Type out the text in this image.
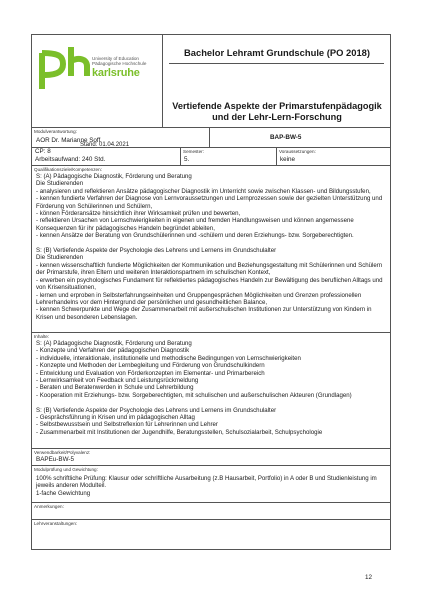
University of Education
Pädagogische Hochschule
karlsruhe
Stand: 01.04.2021
Bachelor Lehramt Grundschule (PO 2018)
Vertiefende Aspekte der Primarstufenpädagogik und der Lehr-Lern-Forschung
Modulverantwortung:
AOR Dr. Marianne Soff	BAP-BW-5
CP: 8
Arbeitsaufwand: 240 Std.
Semester:
5.
Voraussetzungen:
keine
Qualifikationsziele/Kompetenzen:
S: (A) Pädagogische Diagnostik, Förderung und Beratung
Die Studierenden
- analysieren und reflektieren Ansätze pädagogischer Diagnostik im Unterricht sowie zwischen Klassen- und Bildungsstufen,
- kennen fundierte Verfahren der Diagnose von Lernvoraussetzungen und Lernprozessen sowie der gezielten Unterstützung und Förderung von Schülerinnen und Schülern,
- können Förderansätze hinsichtlich ihrer Wirksamkeit prüfen und bewerten,
- reflektieren Ursachen von Lernschwierigkeiten in eigenen und fremden Handlungsweisen und können angemessene Konsequenzen für ihr pädagogisches Handeln begründet ableiten,
- kennen Ansätze der Beratung von Grundschülerinnen und -schülern und deren Erziehungs- bzw. Sorgeberechtigten.

S: (B) Vertiefende Aspekte der Psychologie des Lehrens und Lernens im Grundschulalter
Die Studierenden
- kennen wissenschaftlich fundierte Möglichkeiten der Kommunikation und Beziehungsgestaltung mit Schülerinnen und Schülern der Primarstufe, ihren Eltern und weiteren Interaktionspartnern im schulischen Kontext,
- erwerben ein psychologisches Fundament für reflektiertes pädagogisches Handeln zur Bewältigung des beruflichen Alltags und von Krisensituationen,
- lernen und erproben in Selbsterfahrungseinheiten und Gruppengesprächen Möglichkeiten und Grenzen professionellen Lehrerhandelns vor dem Hintergrund der persönlichen und gesundheitlichen Balance,
- kennen Schwerpunkte und Wege der Zusammenarbeit mit außerschulischen Institutionen zur Unterstützung von Kindern in Krisen und besonderen Lebenslagen.
Inhalte:
S: (A) Pädagogische Diagnostik, Förderung und Beratung
- Konzepte und Verfahren der pädagogischen Diagnostik
- individuelle, interaktionale, institutionelle und methodische Bedingungen von Lernschwierigkeiten
- Konzepte und Methoden der Lernbegleitung und Förderung von Grundschulkindern
- Entwicklung und Evaluation von Förderkonzepten im Elementar- und Primarbereich
- Lernwirksamkeit von Feedback und Leistungsrückmeldung
- Beraten und Beratenwerden in Schule und Lehrerbildung
- Kooperation mit Erziehungs- bzw. Sorgeberechtigten, mit schulischen und außerschulischen Akteuren (Grundlagen)

S: (B) Vertiefende Aspekte der Psychologie des Lehrens und Lernens im Grundschulalter
- Gesprächsführung in Krisen und im pädagogischen Alltag
- Selbstbewusstsein und Selbstreflexion für Lehrerinnen und Lehrer
- Zusammenarbeit mit Institutionen der Jugendhilfe, Beratungsstellen, Schulsozialarbeit, Schulpsychologie
Verwendbarkeit/Polyvalenz:
BAPEu-BW-5
Modulprüfung und Gewichtung:
100% schriftliche Prüfung: Klausur oder schriftliche Ausarbeitung (z.B Hausarbeit, Portfolio) in A oder B und Studienleistung im jeweils anderen Modulteil.
1-fache Gewichtung
Anmerkungen:
Lehrveranstaltungen:
12
